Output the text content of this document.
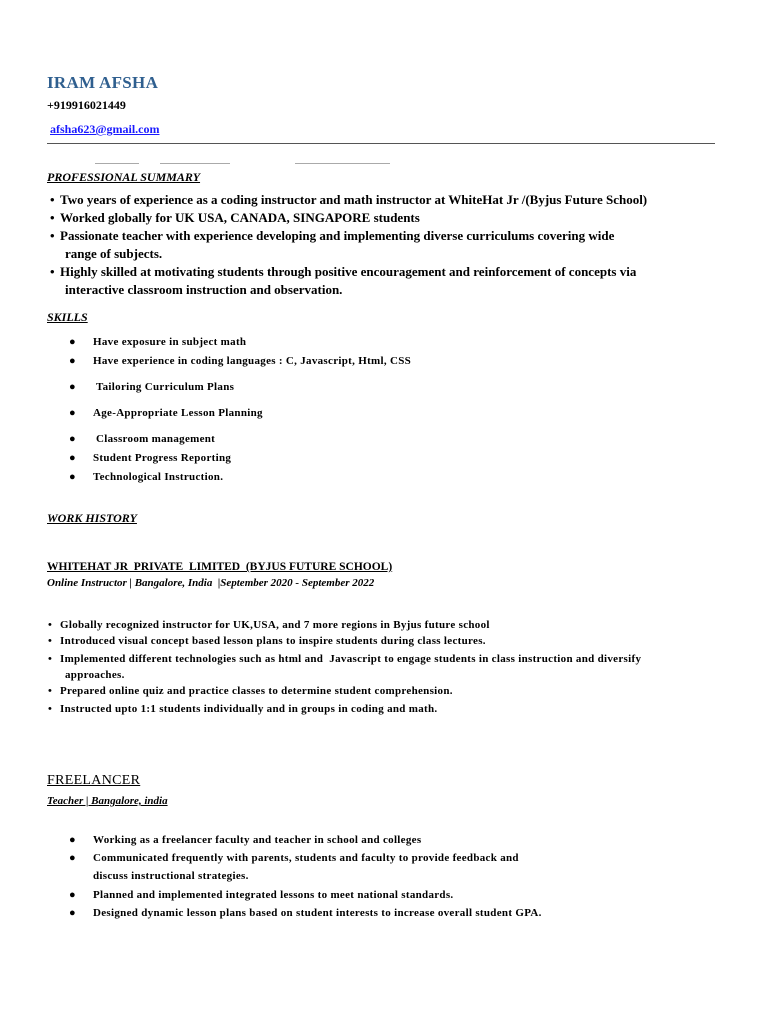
IRAM AFSHA
+919916021449
afsha623@gmail.com
PROFESSIONAL SUMMARY
• Two years of experience as a coding instructor and math instructor at WhiteHat Jr /(Byjus Future School)
• Worked globally for UK USA, CANADA, SINGAPORE students
• Passionate teacher with experience developing and implementing diverse curriculums covering wide
range of subjects.
• Highly skilled at motivating students through positive encouragement and reinforcement of concepts via
interactive classroom instruction and observation.
SKILLS
● Have exposure in subject math
● Have experience in coding languages : C, Javascript, Html, CSS
● Tailoring Curriculum Plans
● Age-Appropriate Lesson Planning
● Classroom management
● Student Progress Reporting
● Technological Instruction.
WORK HISTORY
WHITEHAT JR  PRIVATE  LIMITED  (BYJUS FUTURE SCHOOL)
Online Instructor | Bangalore, India  |September 2020 - September 2022
• Globally recognized instructor for UK,USA, and 7 more regions in Byjus future school
• Introduced visual concept based lesson plans to inspire students during class lectures.
• Implemented different technologies such as html and  Javascript to engage students in class instruction and diversify
approaches.
• Prepared online quiz and practice classes to determine student comprehension.
• Instructed upto 1:1 students individually and in groups in coding and math.
FREELANCER
Teacher | Bangalore, india
● Working as a freelancer faculty and teacher in school and colleges
● Communicated frequently with parents, students and faculty to provide feedback and
discuss instructional strategies.
● Planned and implemented integrated lessons to meet national standards.
● Designed dynamic lesson plans based on student interests to increase overall student GPA.
